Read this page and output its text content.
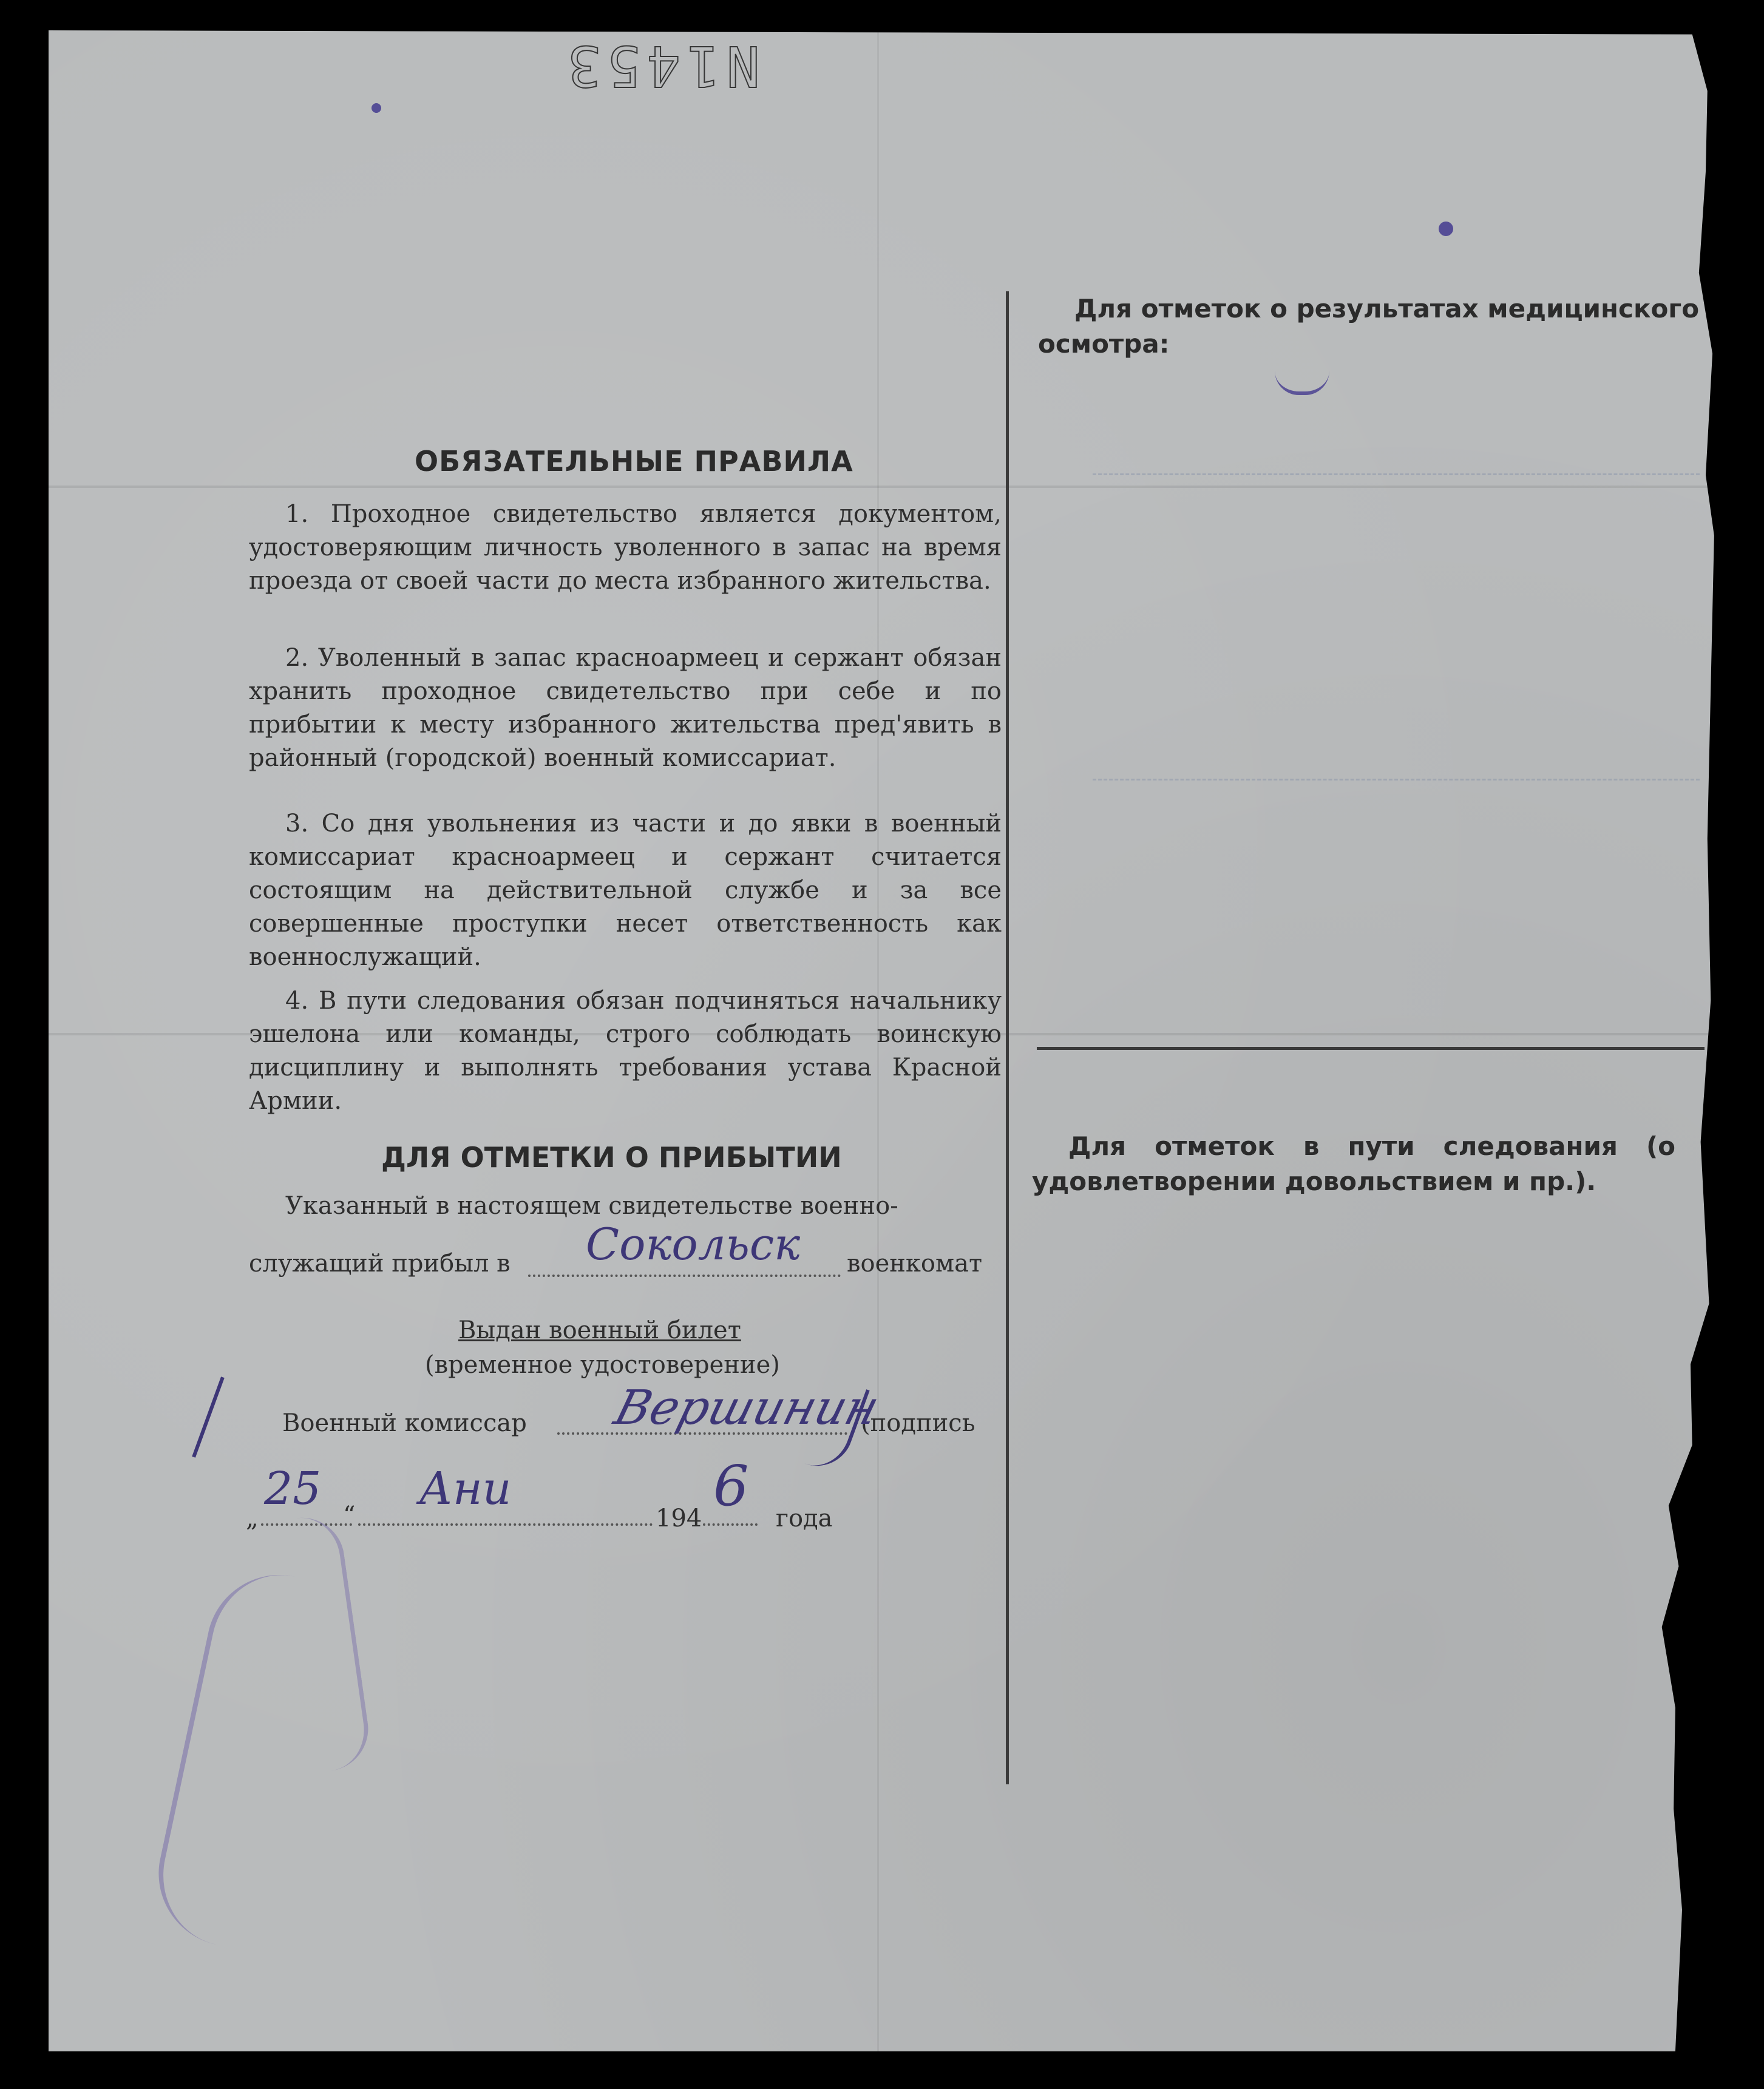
N1453
ОБЯЗАТЕЛЬНЫЕ ПРАВИЛА
1. Проходное свидетельство является документом, удостоверяющим личность уволенного в запас на время проезда от своей части до места избранного жительства.
2. Уволенный в запас красноармеец и сержант обязан хранить проходное свидетельство при себе и по прибытии к месту избранного жительства пред'явить в районный (городской) военный комиссариат.
3. Со дня увольнения из части и до явки в военный комиссариат красноармеец и сержант считается состоящим на действительной службе и за все совершенные проступки несет ответственность как военнослужащий.
4. В пути следования обязан подчиняться начальнику эшелона или команды, строго соблюдать воинскую дисциплину и выполнять требования устава Красной Армии.
ДЛЯ ОТМЕТКИ О ПРИБЫТИИ
Указанный в настоящем свидетельстве военно-
служащий прибыл в	военкомат
Сокольск
Выдан военный билет
(временное удостоверение)
Военный комиссар	(подпись
Вершинин
„	“	194	года
25 Ани	6
Для отметок о результатах медицинского осмотра:
Для отметок в пути следования (о удовлетворении довольствием и пр.).
